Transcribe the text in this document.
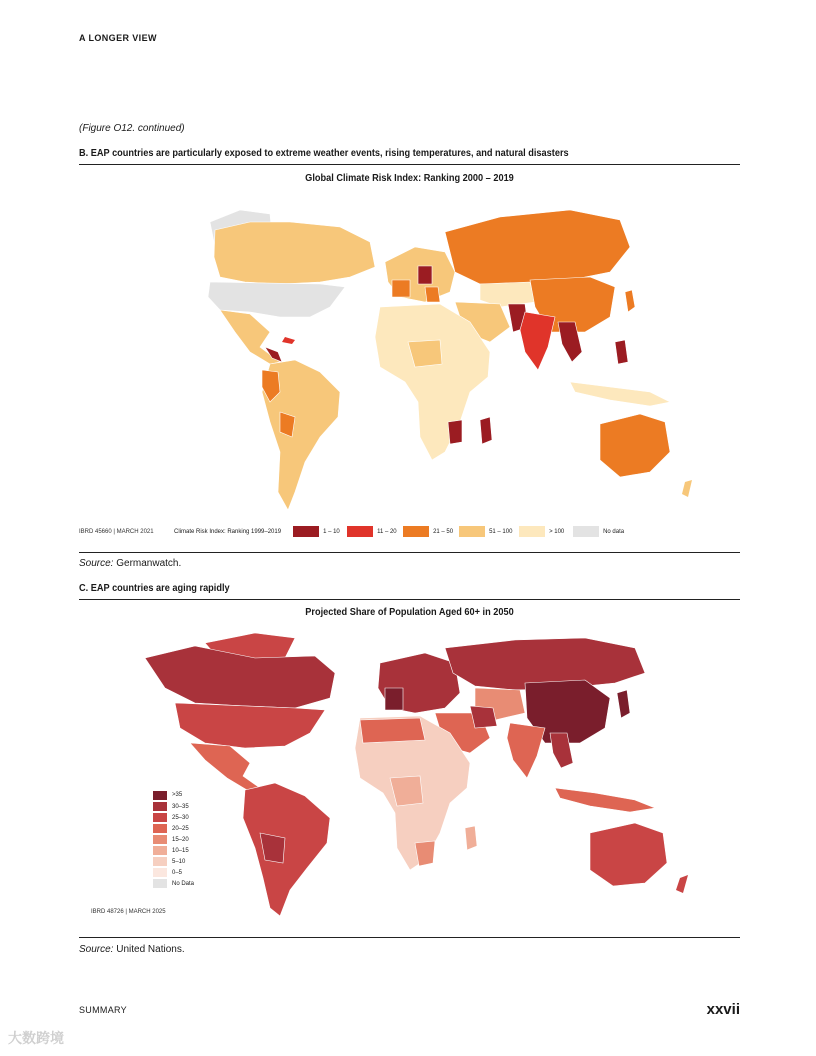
A LONGER VIEW
(Figure O12. continued)
B. EAP countries are particularly exposed to extreme weather events, rising temperatures, and natural disasters
Global Climate Risk Index: Ranking 2000 – 2019
IBRD 45660 | MARCH 2021	Climate Risk Index: Ranking 1999–2019	1 – 10	11 – 20	21 – 50	51 – 100	> 100	No data
Source: Germanwatch.
C. EAP countries are aging rapidly
Projected Share of Population Aged 60+ in 2050
>35
30–35
25–30
20–25
15–20
10–15
5–10
0–5
No Data
IBRD 48726 | MARCH 2025
Source: United Nations.
SUMMARY	xxvii
大数跨境
